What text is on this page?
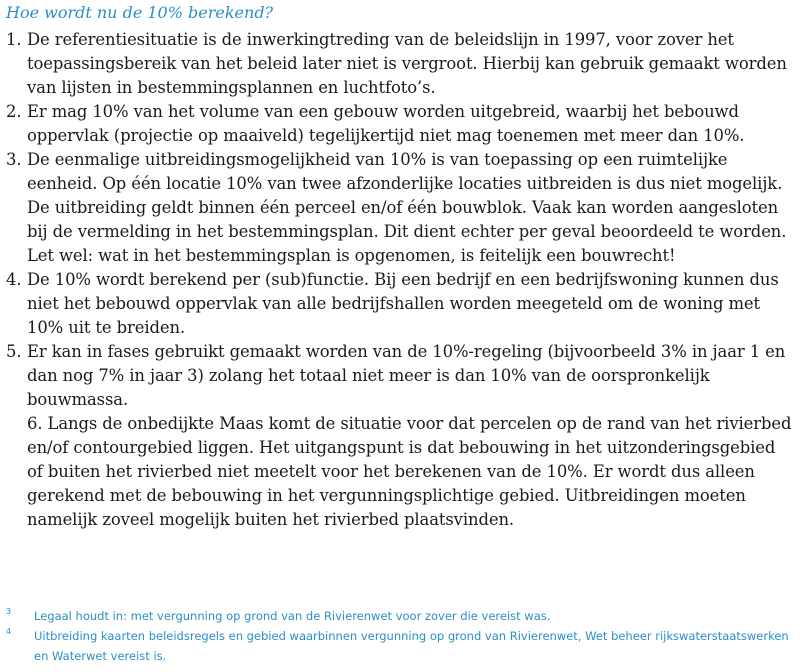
Hoe wordt nu de 10% berekend?

1. De referentiesituatie is de inwerkingtreding van de beleidslijn in 1997, voor zover het toepassingsbereik van het beleid later niet is vergroot. Hierbij kan gebruik gemaakt worden van lijsten in bestemmingsplannen en luchtfoto’s.

2. Er mag 10% van het volume van een gebouw worden uitgebreid, waarbij het bebouwd oppervlak (projectie op maaiveld) tegelijkertijd niet mag toenemen met meer dan 10%.

3. De eenmalige uitbreidingsmogelijkheid van 10% is van toepassing op een ruimtelijke eenheid. Op één locatie 10% van twee afzonderlijke locaties uitbreiden is dus niet mogelijk. De uitbreiding geldt binnen één perceel en/of één bouwblok. Vaak kan worden aangesloten bij de vermelding in het bestemmingsplan. Dit dient echter per geval beoordeeld te worden. Let wel: wat in het bestemmingsplan is opgenomen, is feitelijk een bouwrecht!

4. De 10% wordt berekend per (sub)functie. Bij een bedrijf en een bedrijfswoning kunnen dus niet het bebouwd oppervlak van alle bedrijfshallen worden meegeteld om de woning met 10% uit te breiden.

5. Er kan in fases gebruikt gemaakt worden van de 10%-regeling (bijvoorbeeld 3% in jaar 1 en dan nog 7% in jaar 3) zolang het totaal niet meer is dan 10% van de oorspronkelijk bouwmassa.

6. Langs de onbedijkte Maas komt de situatie voor dat percelen op de rand van het rivierbed en/of contourgebied liggen. Het uitgangspunt is dat bebouwing in het uitzonderingsgebied of buiten het rivierbed niet meetelt voor het berekenen van de 10%. Er wordt dus alleen gerekend met de bebouwing in het vergunningsplichtige gebied. Uitbreidingen moeten namelijk zoveel mogelijk buiten het rivierbed plaatsvinden.

3 Legaal houdt in: met vergunning op grond van de Rivierenwet voor zover die vereist was.
4 Uitbreiding kaarten beleidsregels en gebied waarbinnen vergunning op grond van Rivierenwet, Wet beheer rijkswaterstaatswerken en Waterwet vereist is.
